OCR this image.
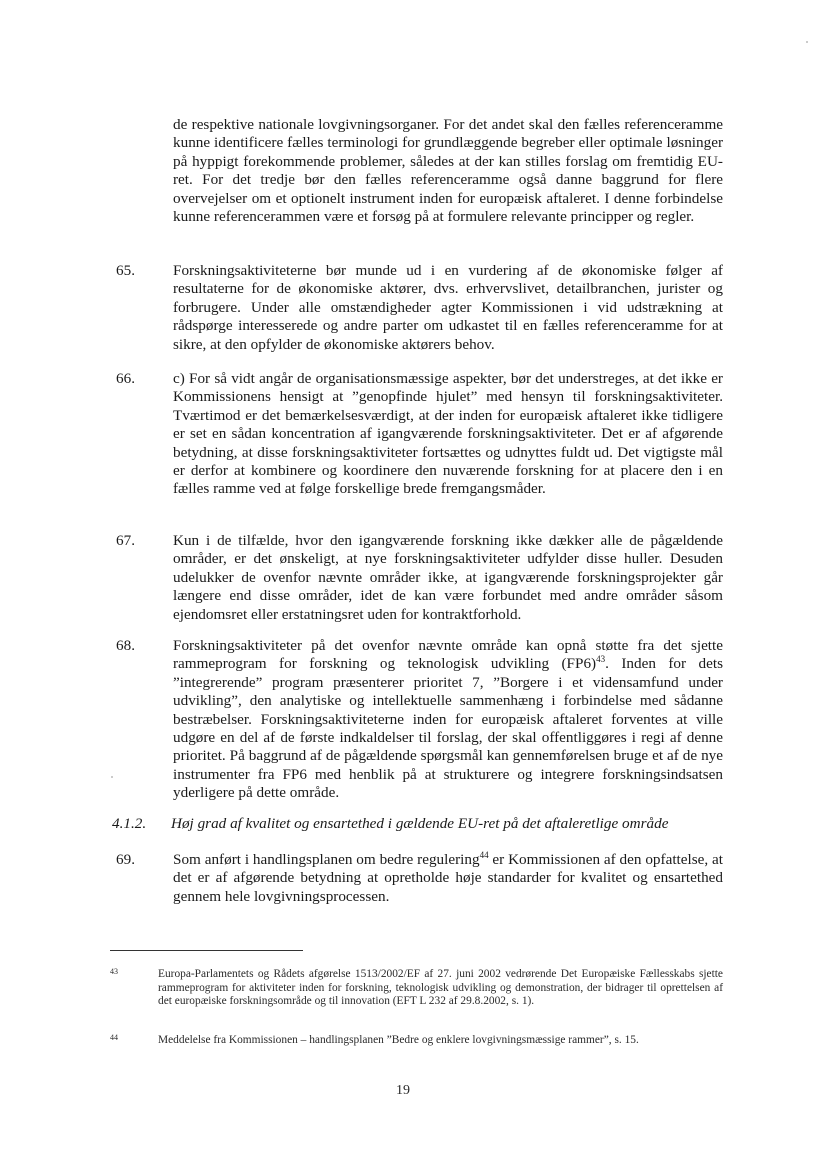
de respektive nationale lovgivningsorganer. For det andet skal den fælles referenceramme kunne identificere fælles terminologi for grundlæggende begreber eller optimale løsninger på hyppigt forekommende problemer, således at der kan stilles forslag om fremtidig EU-ret. For det tredje bør den fælles referenceramme også danne baggrund for flere overvejelser om et optionelt instrument inden for europæisk aftaleret. I denne forbindelse kunne referencerammen være et forsøg på at formulere relevante principper og regler.
65.	Forskningsaktiviteterne bør munde ud i en vurdering af de økonomiske følger af resultaterne for de økonomiske aktører, dvs. erhvervslivet, detailbranchen, jurister og forbrugere. Under alle omstændigheder agter Kommissionen i vid udstrækning at rådspørge interesserede og andre parter om udkastet til en fælles referenceramme for at sikre, at den opfylder de økonomiske aktørers behov.
66.	c) For så vidt angår de organisationsmæssige aspekter, bør det understreges, at det ikke er Kommissionens hensigt at ”genopfinde hjulet” med hensyn til forskningsaktiviteter. Tværtimod er det bemærkelsesværdigt, at der inden for europæisk aftaleret ikke tidligere er set en sådan koncentration af igangværende forskningsaktiviteter. Det er af afgørende betydning, at disse forskningsaktiviteter fortsættes og udnyttes fuldt ud. Det vigtigste mål er derfor at kombinere og koordinere den nuværende forskning for at placere den i en fælles ramme ved at følge forskellige brede fremgangsmåder.
67.	Kun i de tilfælde, hvor den igangværende forskning ikke dækker alle de pågældende områder, er det ønskeligt, at nye forskningsaktiviteter udfylder disse huller. Desuden udelukker de ovenfor nævnte områder ikke, at igangværende forskningsprojekter går længere end disse områder, idet de kan være forbundet med andre områder såsom ejendomsret eller erstatningsret uden for kontraktforhold.
68.	Forskningsaktiviteter på det ovenfor nævnte område kan opnå støtte fra det sjette rammeprogram for forskning og teknologisk udvikling $(FP6)^{43}$. Inden for dets ”integrerende” program præsenterer prioritet 7, ”Borgere i et vidensamfund under udvikling”, den analytiske og intellektuelle sammenhæng i forbindelse med sådanne bestræbelser. Forskningsaktiviteterne inden for europæisk aftaleret forventes at ville udgøre en del af de første indkaldelser til forslag, der skal offentliggøres i regi af denne prioritet. På baggrund af de pågældende spørgsmål kan gennemførelsen bruge et af de nye instrumenter fra FP6 med henblik på at strukturere og integrere forskningsindsatsen yderligere på dette område.
4.1.2. Høj grad af kvalitet og ensartethed i gældende EU-ret på det aftaleretlige område
69.	Som anført i handlingsplanen om bedre regulering$^{44}$ er Kommissionen af den opfattelse, at det er af afgørende betydning at opretholde høje standarder for kvalitet og ensartethed gennem hele lovgivningsprocessen.
43	Europa-Parlamentets og Rådets afgørelse 1513/2002/EF af 27. juni 2002 vedrørende Det Europæiske Fællesskabs sjette rammeprogram for aktiviteter inden for forskning, teknologisk udvikling og demonstration, der bidrager til oprettelsen af det europæiske forskningsområde og til innovation (EFT L 232 af 29.8.2002, s. 1).
44	Meddelelse fra Kommissionen – handlingsplanen ”Bedre og enklere lovgivningsmæssige rammer”, s. 15.
19
